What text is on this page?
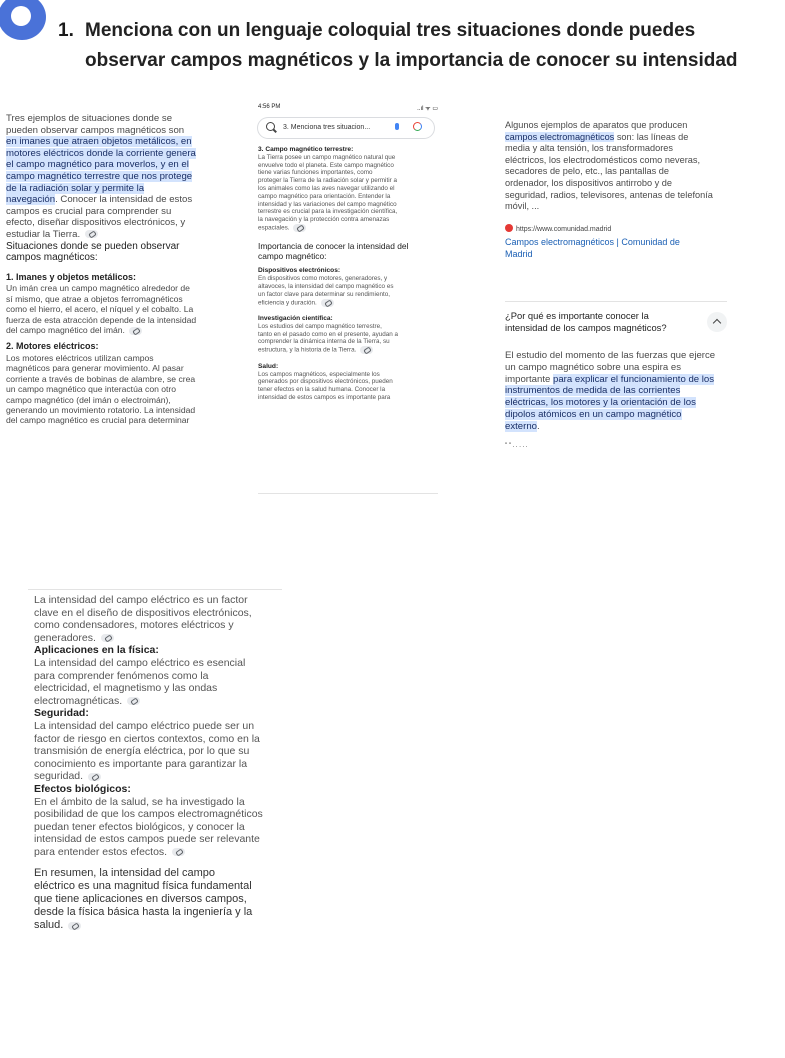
1. Menciona con un lenguaje coloquial tres situaciones donde puedes
observar campos magnéticos y la importancia de conocer su intensidad

Tres ejemplos de situaciones donde se

pueden observar campos magnéticos son

en imanes que atraen objetos metálicos, en

motores eléctricos donde la corriente genera

el campo magnético para moverlos, y en el

campo magnético terrestre que nos protege

de la radiación solar y permite la

navegación. Conocer la intensidad de estos

campos es crucial para comprender su

efecto, diseñar dispositivos electrónicos, y

estudiar la Tierra.

Situaciones donde se pueden observar

campos magnéticos:

1. Imanes y objetos metálicos:

Un imán crea un campo magnético alrededor de

sí mismo, que atrae a objetos ferromagnéticos

como el hierro, el acero, el níquel y el cobalto. La

fuerza de esta atracción depende de la intensidad

del campo magnético del imán.

2. Motores eléctricos:

Los motores eléctricos utilizan campos

magnéticos para generar movimiento. Al pasar

corriente a través de bobinas de alambre, se crea

un campo magnético que interactúa con otro

campo magnético (del imán o electroimán),

generando un movimiento rotatorio. La intensidad

del campo magnético es crucial para determinar

4:56 PM	..ıl ᯤ ▭
3. Menciona tres situacion...

3. Campo magnético terrestre:

La Tierra posee un campo magnético natural que

envuelve todo el planeta. Este campo magnético

tiene varias funciones importantes, como

proteger la Tierra de la radiación solar y permitir a

los animales como las aves navegar utilizando el

campo magnético para orientación. Entender la

intensidad y las variaciones del campo magnético

terrestre es crucial para la investigación científica,

la navegación y la protección contra amenazas

espaciales.

Importancia de conocer la intensidad del

campo magnético:

Dispositivos electrónicos:

En dispositivos como motores, generadores, y

altavoces, la intensidad del campo magnético es

un factor clave para determinar su rendimiento,

eficiencia y duración.

Investigación científica:

Los estudios del campo magnético terrestre,

tanto en el pasado como en el presente, ayudan a

comprender la dinámica interna de la Tierra, su

estructura, y la historia de la Tierra.

Salud:

Los campos magnéticos, especialmente los

generados por dispositivos electrónicos, pueden

tener efectos en la salud humana. Conocer la

intensidad de estos campos es importante para

Algunos ejemplos de aparatos que producen

campos electromagnéticos son: las líneas de

media y alta tensión, los transformadores

eléctricos, los electrodomésticos como neveras,

secadores de pelo, etc., las pantallas de

ordenador, los dispositivos antirrobo y de

seguridad, radios, televisores, antenas de telefonía

móvil, ...

https://www.comunidad.madrid

Campos electromagnéticos | Comunidad de

Madrid

¿Por qué es importante conocer la

intensidad de los campos magnéticos?

El estudio del momento de las fuerzas que ejerce

un campo magnético sobre una espira es

importante para explicar el funcionamiento de los

instrumentos de medida de las corrientes

eléctricas, los motores y la orientación de los

dipolos atómicos en un campo magnético

externo.

" " . . . . .

La intensidad del campo eléctrico es un factor

clave en el diseño de dispositivos electrónicos,

como condensadores, motores eléctricos y

generadores.

Aplicaciones en la física:

La intensidad del campo eléctrico es esencial

para comprender fenómenos como la

electricidad, el magnetismo y las ondas

electromagnéticas.

Seguridad:

La intensidad del campo eléctrico puede ser un

factor de riesgo en ciertos contextos, como en la

transmisión de energía eléctrica, por lo que su

conocimiento es importante para garantizar la

seguridad.

Efectos biológicos:

En el ámbito de la salud, se ha investigado la

posibilidad de que los campos electromagnéticos

puedan tener efectos biológicos, y conocer la

intensidad de estos campos puede ser relevante

para entender estos efectos.

En resumen, la intensidad del campo

eléctrico es una magnitud física fundamental

que tiene aplicaciones en diversos campos,

desde la física básica hasta la ingeniería y la

salud.
